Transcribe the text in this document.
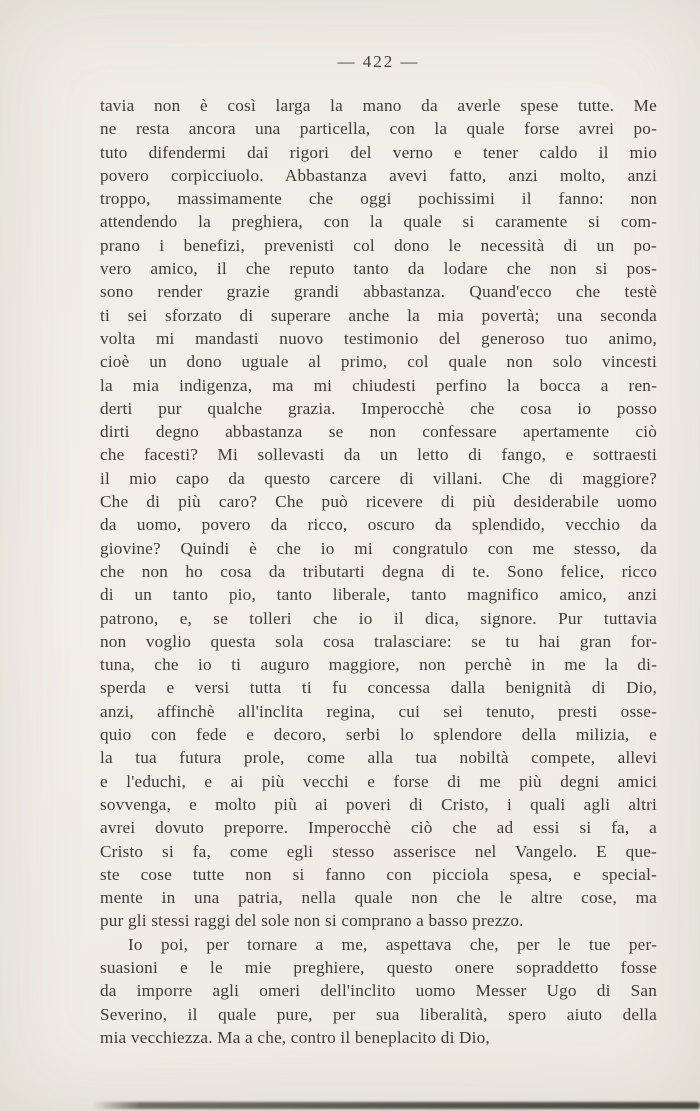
— 422 —
tavia non è così larga la mano da averle spese tutte. Me
ne resta ancora una particella, con la quale forse avrei po-
tuto difendermi dai rigori del verno e tener caldo il mio
povero corpicciuolo. Abbastanza avevi fatto, anzi molto, anzi
troppo, massimamente che oggi pochissimi il fanno: non
attendendo la preghiera, con la quale si caramente si com-
prano i benefizi, prevenisti col dono le necessità di un po-
vero amico, il che reputo tanto da lodare che non si pos-
sono render grazie grandi abbastanza. Quand'ecco che testè
ti sei sforzato di superare anche la mia povertà; una seconda
volta mi mandasti nuovo testimonio del generoso tuo animo,
cioè un dono uguale al primo, col quale non solo vincesti
la mia indigenza, ma mi chiudesti perfino la bocca a ren-
derti pur qualche grazia. Imperocchè che cosa io posso
dirti degno abbastanza se non confessare apertamente ciò
che facesti? Mi sollevasti da un letto di fango, e sottraesti
il mio capo da questo carcere di villani. Che di maggiore?
Che di più caro? Che può ricevere di più desiderabile uomo
da uomo, povero da ricco, oscuro da splendido, vecchio da
giovine? Quindi è che io mi congratulo con me stesso, da
che non ho cosa da tributarti degna di te. Sono felice, ricco
di un tanto pio, tanto liberale, tanto magnifico amico, anzi
patrono, e, se tolleri che io il dica, signore. Pur tuttavia
non voglio questa sola cosa tralasciare: se tu hai gran for-
tuna, che io ti auguro maggiore, non perchè in me la di-
sperda e versi tutta ti fu concessa dalla benignità di Dio,
anzi, affinchè all'inclita regina, cui sei tenuto, presti osse-
quio con fede e decoro, serbi lo splendore della milizia, e
la tua futura prole, come alla tua nobiltà compete, allevi
e l'educhi, e ai più vecchi e forse di me più degni amici
sovvenga, e molto più ai poveri di Cristo, i quali agli altri
avrei dovuto preporre. Imperocchè ciò che ad essi si fa, a
Cristo si fa, come egli stesso asserisce nel Vangelo. E que-
ste cose tutte non si fanno con picciola spesa, e special-
mente in una patria, nella quale non che le altre cose, ma
pur gli stessi raggi del sole non si comprano a basso prezzo.
Io poi, per tornare a me, aspettava che, per le tue per-
suasioni e le mie preghiere, questo onere sopraddetto fosse
da imporre agli omeri dell'inclito uomo Messer Ugo di San
Severino, il quale pure, per sua liberalità, spero aiuto della
mia vecchiezza. Ma a che, contro il beneplacito di Dio,
